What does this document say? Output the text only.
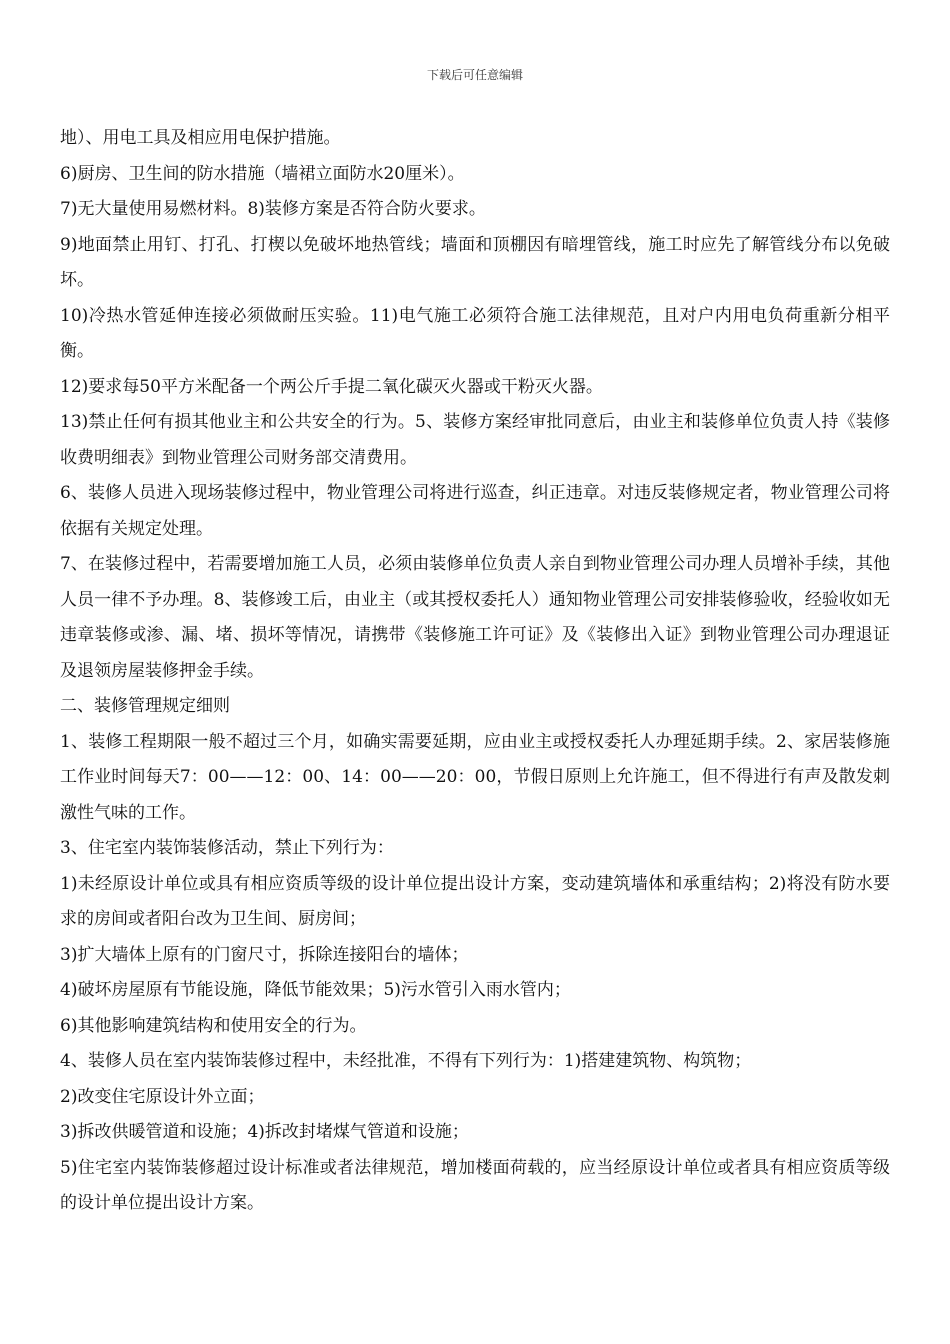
下载后可任意编辑

地）、用电工具及相应用电保护措施。

6)厨房、卫生间的防水措施（墙裙立面防水20厘米）。

7)无大量使用易燃材料。8)装修方案是否符合防火要求。

9)地面禁止用钉、打孔、打楔以免破坏地热管线；墙面和顶棚因有暗埋管线，施工时应先了解管线分布以免破坏。

10)冷热水管延伸连接必须做耐压实验。11)电气施工必须符合施工法律规范，且对户内用电负荷重新分相平衡。

12)要求每50平方米配备一个两公斤手提二氧化碳灭火器或干粉灭火器。

13)禁止任何有损其他业主和公共安全的行为。5、装修方案经审批同意后，由业主和装修单位负责人持《装修收费明细表》到物业管理公司财务部交清费用。

6、装修人员进入现场装修过程中，物业管理公司将进行巡查，纠正违章。对违反装修规定者，物业管理公司将依据有关规定处理。

7、在装修过程中，若需要增加施工人员，必须由装修单位负责人亲自到物业管理公司办理人员增补手续，其他人员一律不予办理。8、装修竣工后，由业主（或其授权委托人）通知物业管理公司安排装修验收，经验收如无违章装修或渗、漏、堵、损坏等情况，请携带《装修施工许可证》及《装修出入证》到物业管理公司办理退证及退领房屋装修押金手续。

二、装修管理规定细则

1、装修工程期限一般不超过三个月，如确实需要延期，应由业主或授权委托人办理延期手续。2、家居装修施工作业时间每天7：00——12：00、14：00——20：00，节假日原则上允许施工，但不得进行有声及散发刺激性气味的工作。

3、住宅室内装饰装修活动，禁止下列行为：

1)未经原设计单位或具有相应资质等级的设计单位提出设计方案，变动建筑墙体和承重结构；2)将没有防水要求的房间或者阳台改为卫生间、厨房间；

3)扩大墙体上原有的门窗尺寸，拆除连接阳台的墙体；

4)破坏房屋原有节能设施，降低节能效果；5)污水管引入雨水管内；

6)其他影响建筑结构和使用安全的行为。

4、装修人员在室内装饰装修过程中，未经批准，不得有下列行为：1)搭建建筑物、构筑物；

2)改变住宅原设计外立面；

3)拆改供暖管道和设施；4)拆改封堵煤气管道和设施；

5)住宅室内装饰装修超过设计标准或者法律规范，增加楼面荷载的，应当经原设计单位或者具有相应资质等级的设计单位提出设计方案。
